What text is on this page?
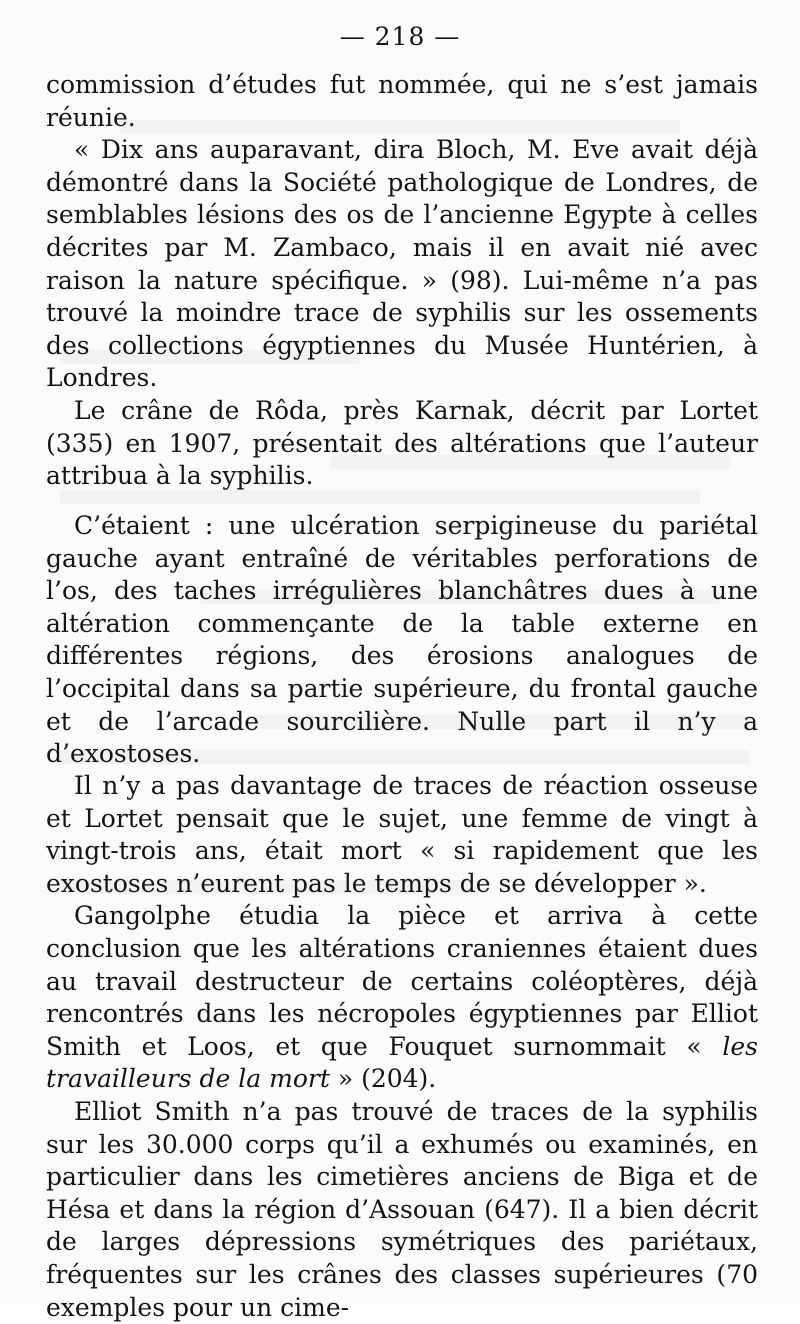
— 218 —

commission d’études fut nommée, qui ne s’est jamais réunie.

« Dix ans auparavant, dira Bloch, M. Eve avait déjà démontré dans la Société pathologique de Londres, de semblables lésions des os de l’ancienne Egypte à celles décrites par M. Zambaco, mais il en avait nié avec raison la nature spécifique. » (98). Lui-même n’a pas trouvé la moindre trace de syphilis sur les ossements des collections égyptiennes du Musée Huntérien, à Londres.

Le crâne de Rôda, près Karnak, décrit par Lortet (335) en 1907, présentait des altérations que l’auteur attribua à la syphilis.

C’étaient : une ulcération serpigineuse du pariétal gauche ayant entraîné de véritables perforations de l’os, des taches irrégulières blanchâtres dues à une altération commençante de la table externe en différentes régions, des érosions analogues de l’occipital dans sa partie supérieure, du frontal gauche et de l’arcade sourcilière. Nulle part il n’y a d’exostoses.

Il n’y a pas davantage de traces de réaction osseuse et Lortet pensait que le sujet, une femme de vingt à vingt-trois ans, était mort « si rapidement que les exostoses n’eurent pas le temps de se développer ».

Gangolphe étudia la pièce et arriva à cette conclusion que les altérations craniennes étaient dues au travail destructeur de certains coléoptères, déjà rencontrés dans les nécropoles égyptiennes par Elliot Smith et Loos, et que Fouquet surnommait « les travailleurs de la mort » (204).

Elliot Smith n’a pas trouvé de traces de la syphilis sur les 30.000 corps qu’il a exhumés ou examinés, en particulier dans les cimetières anciens de Biga et de Hésa et dans la région d’Assouan (647). Il a bien décrit de larges dépressions symétriques des pariétaux, fréquentes sur les crânes des classes supérieures (70 exemples pour un cime-
